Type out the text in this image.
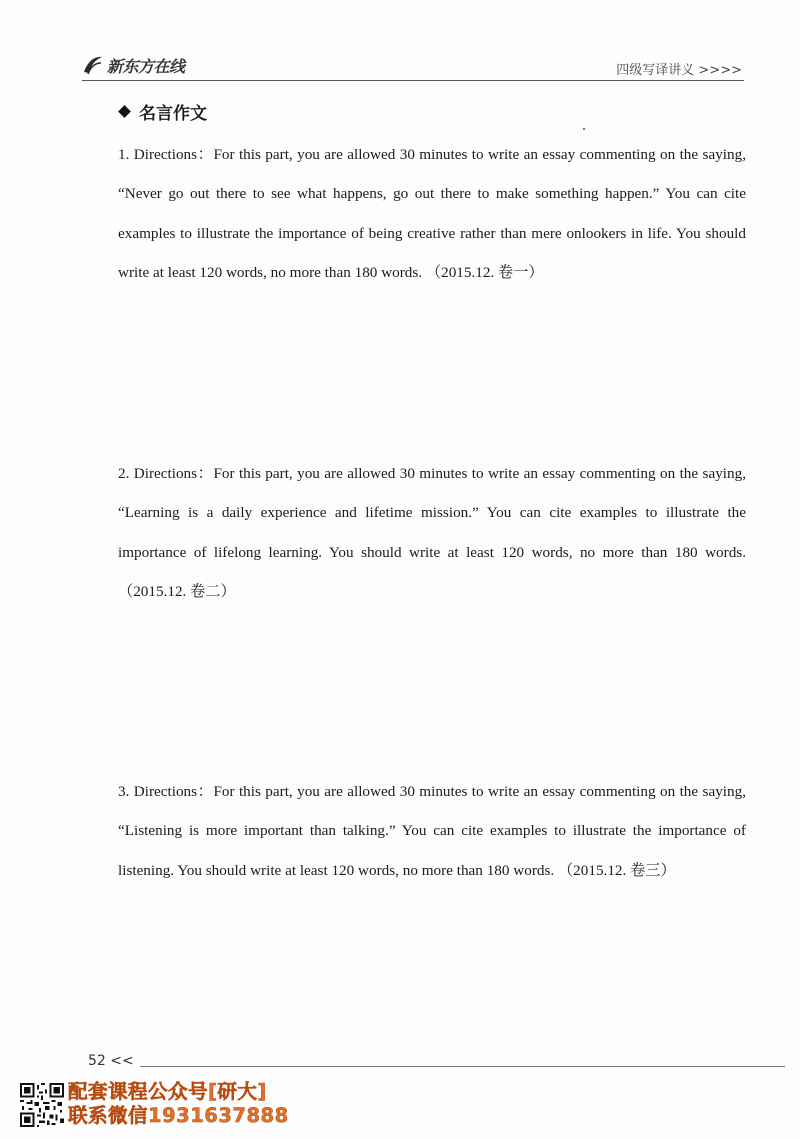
新东方在线	四级写译讲义 >>>>
名言作文
1. Directions：For this part, you are allowed 30 minutes to write an essay commenting on the saying, “Never go out there to see what happens, go out there to make something happen.” You can cite examples to illustrate the importance of being creative rather than mere onlookers in life. You should write at least 120 words, no more than 180 words. （2015.12. 卷一）
2. Directions：For this part, you are allowed 30 minutes to write an essay commenting on the saying, “Learning is a daily experience and lifetime mission.” You can cite examples to illustrate the importance of lifelong learning. You should write at least 120 words, no more than 180 words. （2015.12. 卷二）
3. Directions：For this part, you are allowed 30 minutes to write an essay commenting on the saying, “Listening is more important than talking.” You can cite examples to illustrate the importance of listening. You should write at least 120 words, no more than 180 words. （2015.12. 卷三）
52 <<
配套课程公众号[研大]
联系微信1931637888
